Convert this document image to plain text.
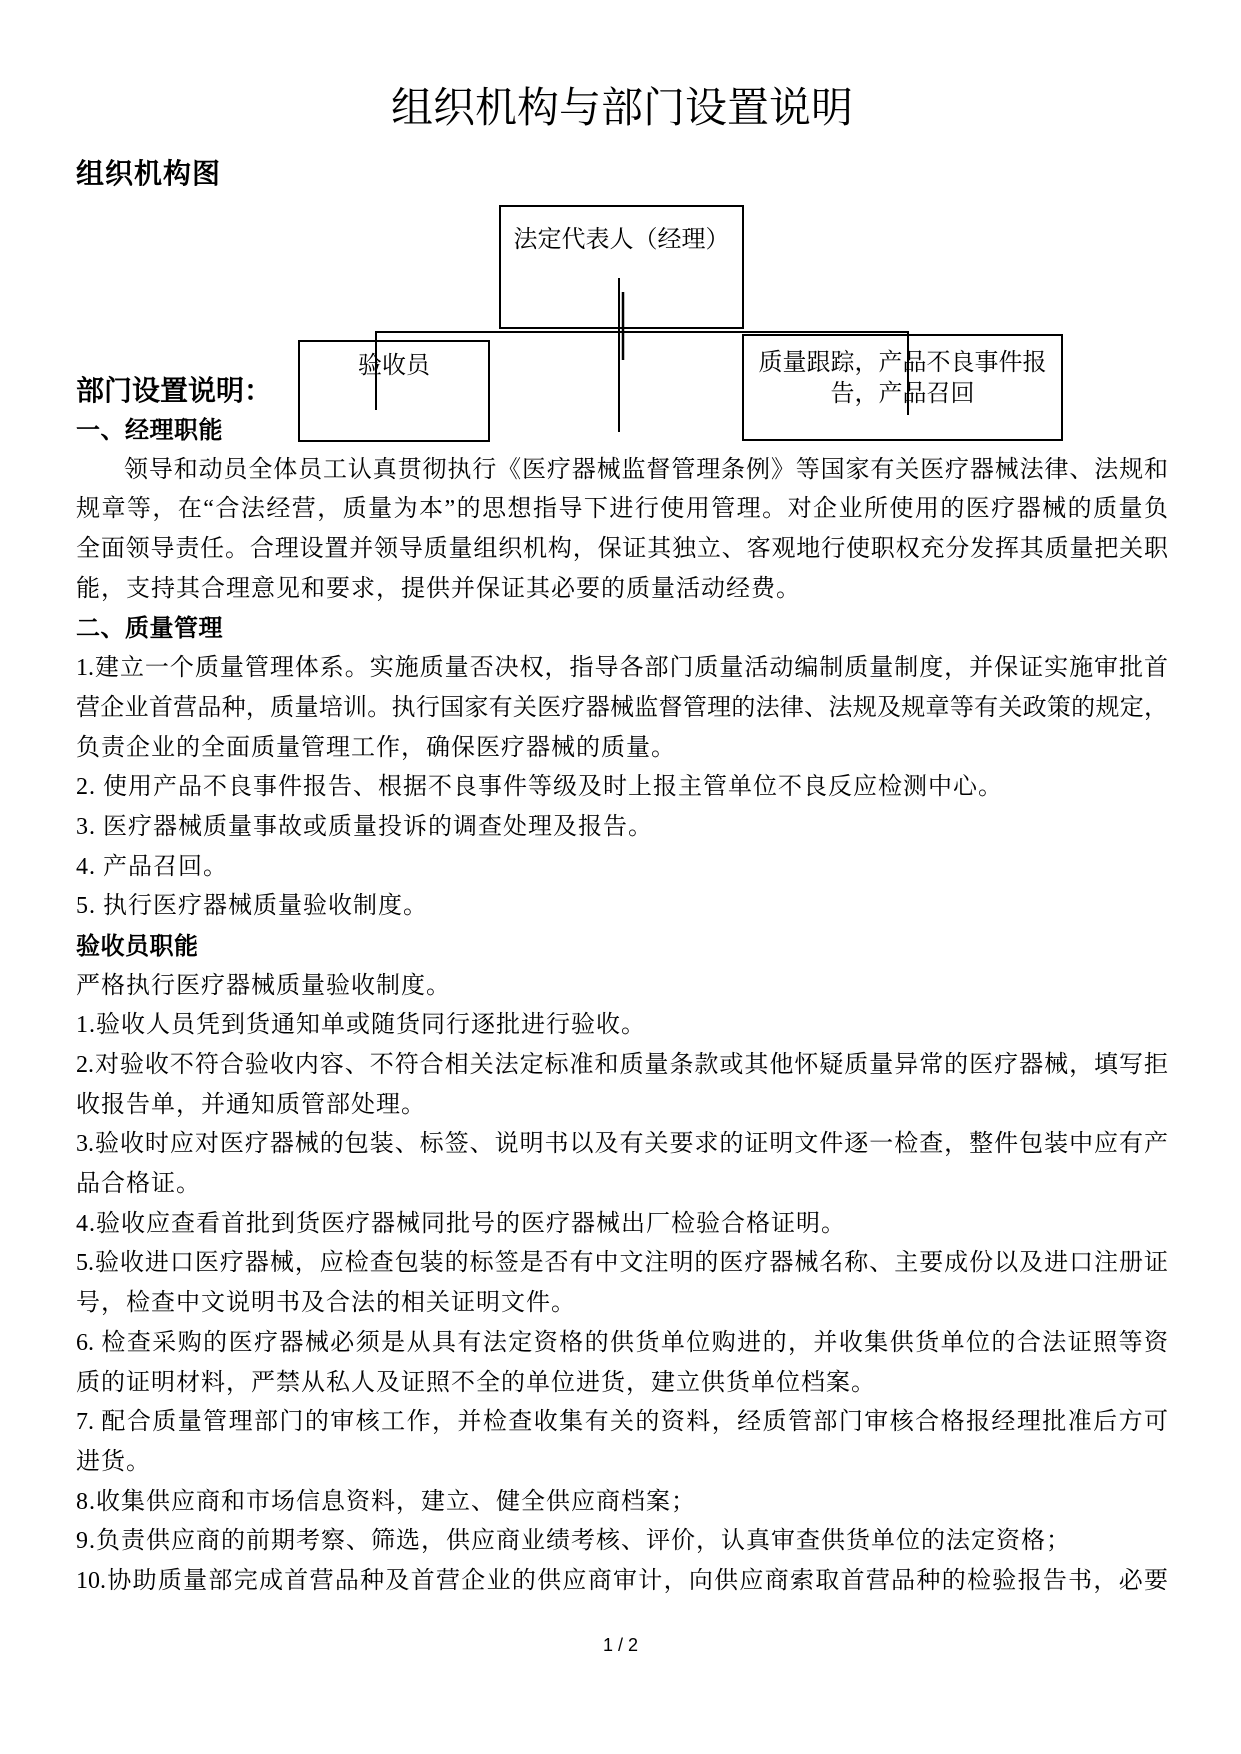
组织机构与部门设置说明
组织机构图
部门设置说明：
一、经理职能
领导和动员全体员工认真贯彻执行《医疗器械监督管理条例》等国家有关医疗器械法律、法规和
规章等，在“合法经营，质量为本”的思想指导下进行使用管理。对企业所使用的医疗器械的质量负
全面领导责任。合理设置并领导质量组织机构，保证其独立、客观地行使职权充分发挥其质量把关职
能，支持其合理意见和要求，提供并保证其必要的质量活动经费。
二、质量管理
1.建立一个质量管理体系。实施质量否决权，指导各部门质量活动编制质量制度，并保证实施审批首
营企业首营品种，质量培训。执行国家有关医疗器械监督管理的法律、法规及规章等有关政策的规定，
负责企业的全面质量管理工作，确保医疗器械的质量。
2. 使用产品不良事件报告、根据不良事件等级及时上报主管单位不良反应检测中心。
3. 医疗器械质量事故或质量投诉的调查处理及报告。
4. 产品召回。
5. 执行医疗器械质量验收制度。
验收员职能
严格执行医疗器械质量验收制度。
1.验收人员凭到货通知单或随货同行逐批进行验收。
2.对验收不符合验收内容、不符合相关法定标准和质量条款或其他怀疑质量异常的医疗器械，填写拒
收报告单，并通知质管部处理。
3.验收时应对医疗器械的包装、标签、说明书以及有关要求的证明文件逐一检查，整件包装中应有产
品合格证。
4.验收应查看首批到货医疗器械同批号的医疗器械出厂检验合格证明。
5.验收进口医疗器械，应检查包装的标签是否有中文注明的医疗器械名称、主要成份以及进口注册证
号，检查中文说明书及合法的相关证明文件。
6. 检查采购的医疗器械必须是从具有法定资格的供货单位购进的，并收集供货单位的合法证照等资
质的证明材料，严禁从私人及证照不全的单位进货，建立供货单位档案。
7. 配合质量管理部门的审核工作，并检查收集有关的资料，经质管部门审核合格报经理批准后方可
进货。
8.收集供应商和市场信息资料，建立、健全供应商档案；
9.负责供应商的前期考察、筛选，供应商业绩考核、评价，认真审查供货单位的法定资格；
10.协助质量部完成首营品种及首营企业的供应商审计，向供应商索取首营品种的检验报告书，必要
法定代表人（经理）
验收员	质量跟踪，产品不良事件报告，产品召回
1 / 2
